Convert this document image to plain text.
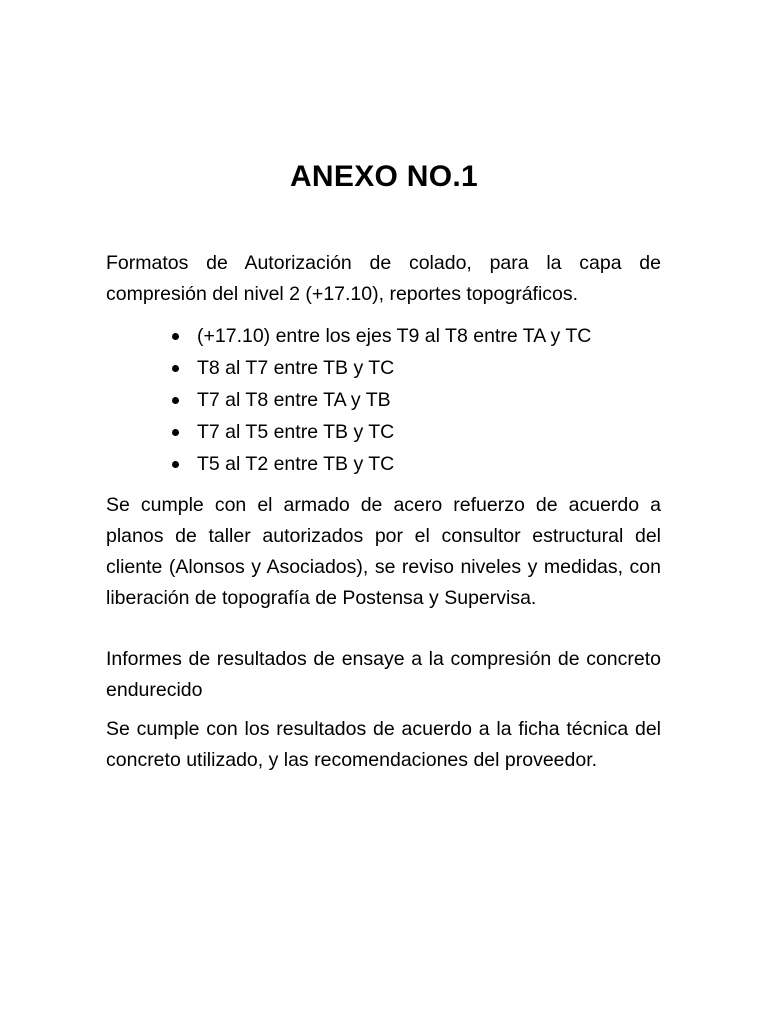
ANEXO NO.1

Formatos de Autorización de colado, para la capa de compresión del nivel 2 (+17.10), reportes topográficos.

(+17.10) entre los ejes T9 al T8 entre TA y TC
T8 al T7 entre TB y TC
T7 al T8 entre TA y TB
T7 al T5 entre TB y TC
T5 al T2 entre TB y TC

Se cumple con el armado de acero refuerzo de acuerdo a planos de taller autorizados por el consultor estructural del cliente (Alonsos y Asociados), se reviso niveles y medidas, con liberación de topografía de Postensa y Supervisa.

Informes de resultados de ensaye a la compresión de concreto endurecido

Se cumple con los resultados de acuerdo a la ficha técnica del concreto utilizado, y las recomendaciones del proveedor.
